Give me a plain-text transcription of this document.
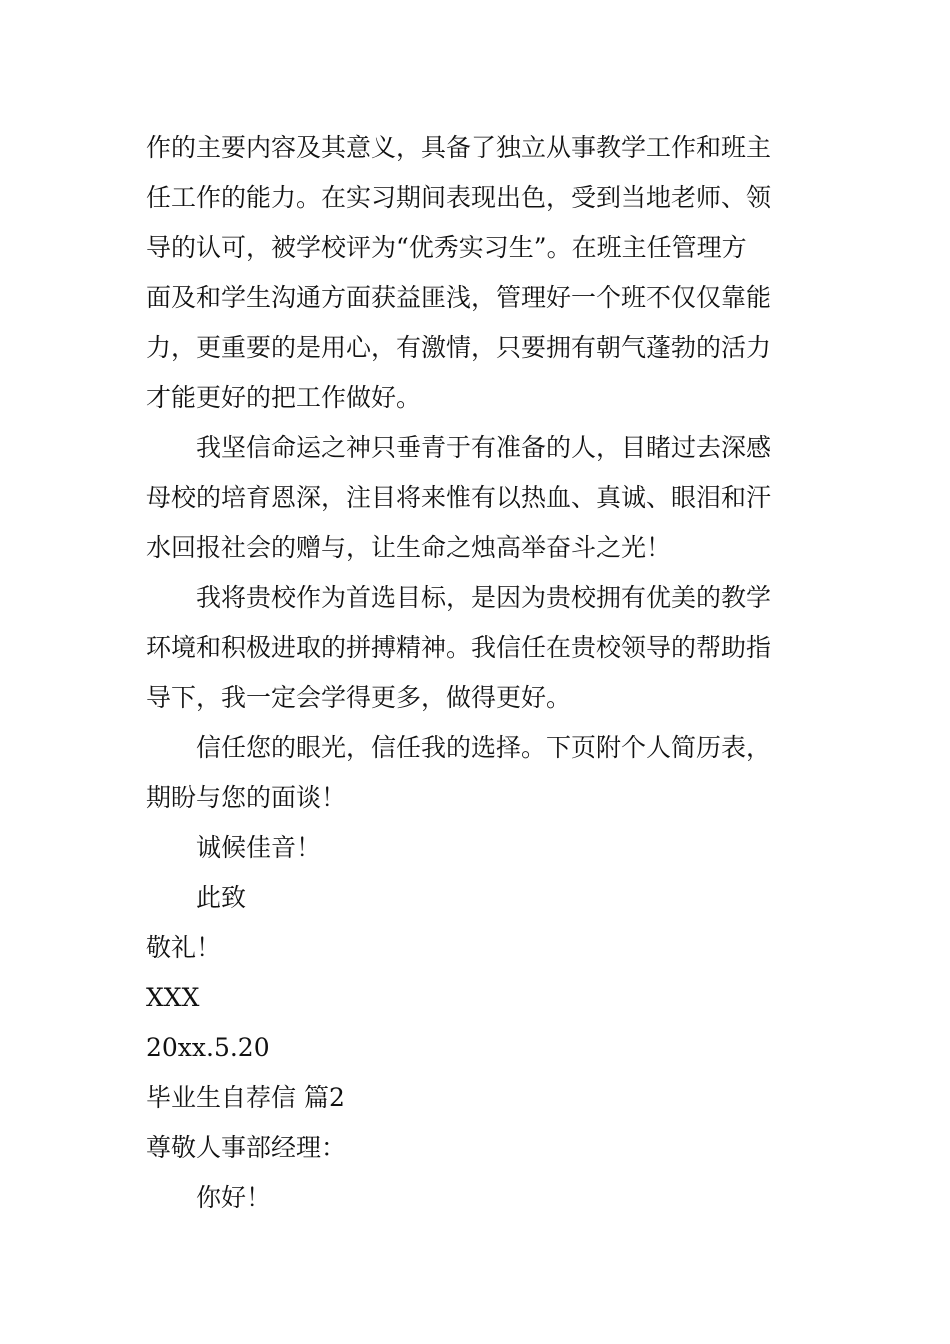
作的主要内容及其意义，具备了独立从事教学工作和班主
任工作的能力。在实习期间表现出色，受到当地老师、领
导的认可，被学校评为“优秀实习生”。在班主任管理方
面及和学生沟通方面获益匪浅，管理好一个班不仅仅靠能
力，更重要的是用心，有激情，只要拥有朝气蓬勃的活力
才能更好的把工作做好。
我坚信命运之神只垂青于有准备的人，目睹过去深感
母校的培育恩深，注目将来惟有以热血、真诚、眼泪和汗
水回报社会的赠与，让生命之烛高举奋斗之光！
我将贵校作为首选目标，是因为贵校拥有优美的教学
环境和积极进取的拼搏精神。我信任在贵校领导的帮助指
导下，我一定会学得更多，做得更好。
信任您的眼光，信任我的选择。下页附个人简历表，
期盼与您的面谈！
诚候佳音！
此致
敬礼！
XXX
20xx.5.20
毕业生自荐信 篇2
尊敬人事部经理：
你好！
